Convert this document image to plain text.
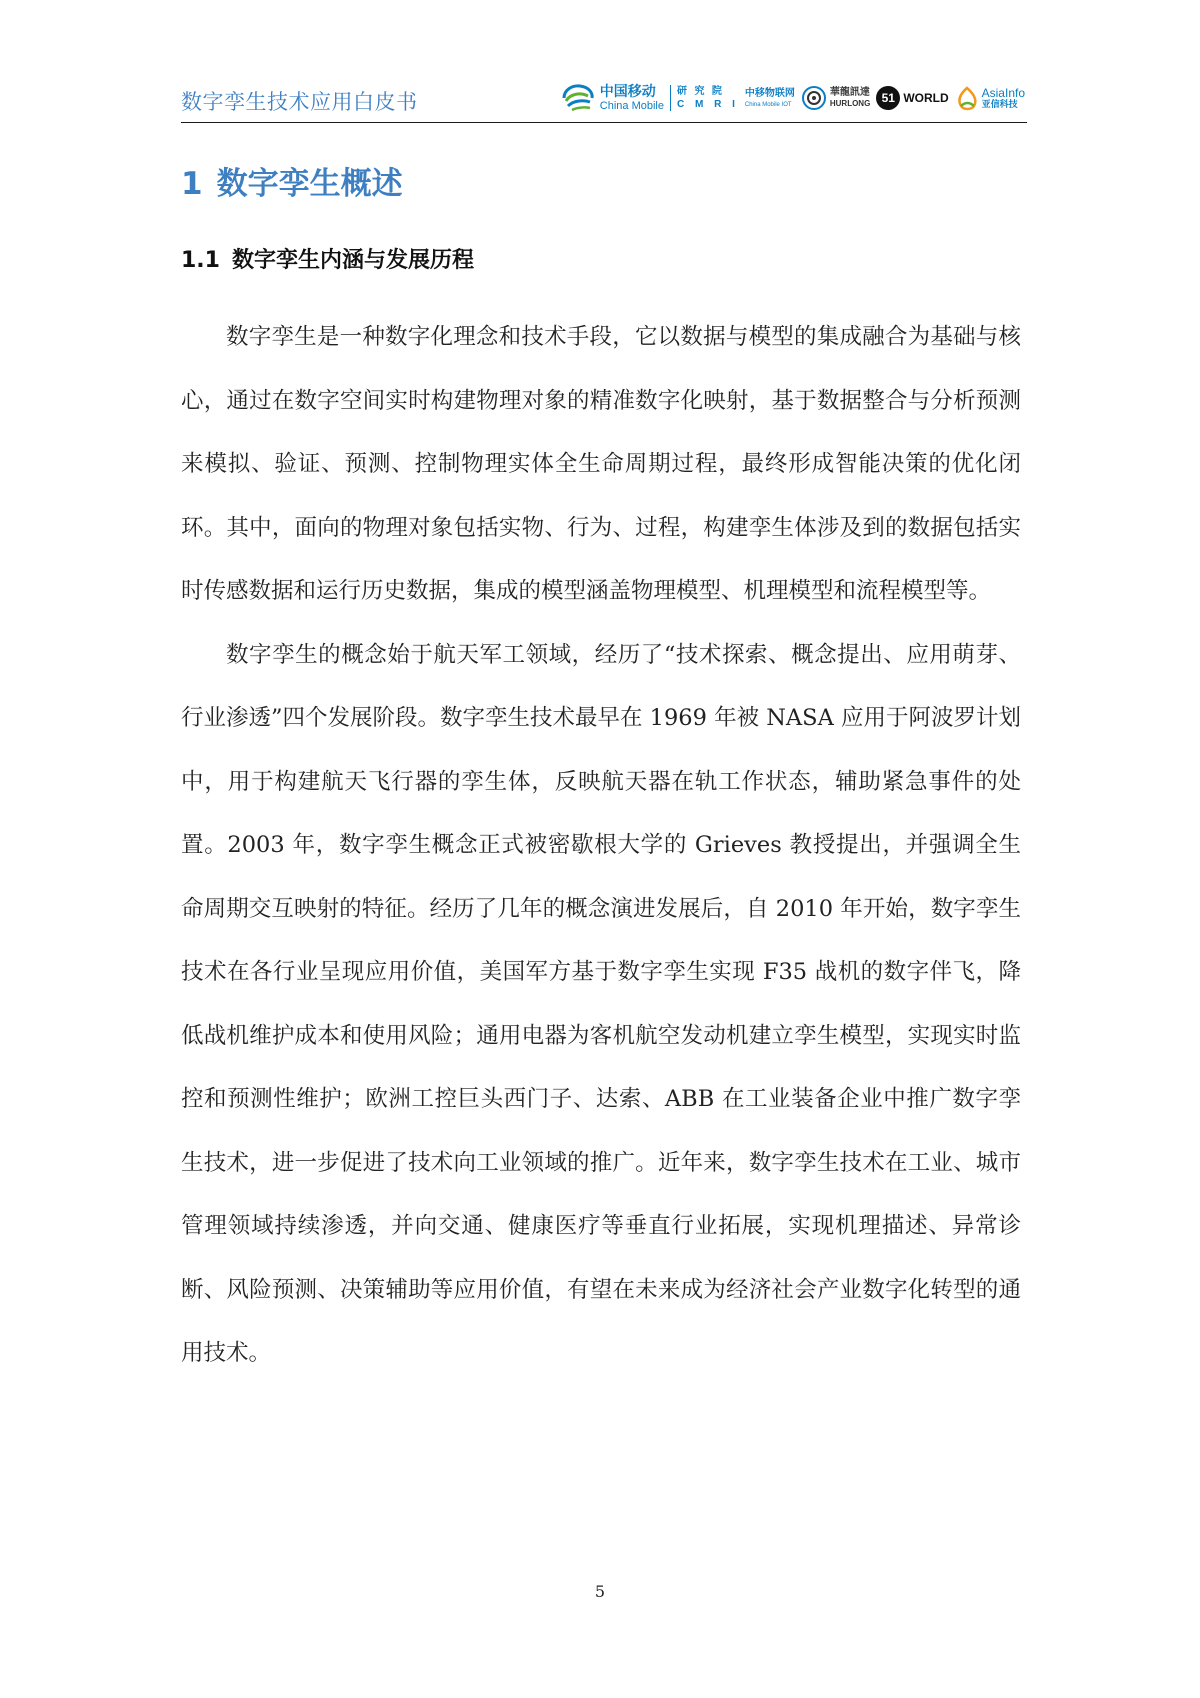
数字孪生技术应用白皮书	中国移动
China Mobile
研 究 院
C M R I
中移物联网
China Mobile IOT
華龍訊達
HURLONG 51 WORLD	AsiaInfo
亚信科技
1 数字孪生概述
1.1 数字孪生内涵与发展历程

数字孪生是一种数字化理念和技术手段，它以数据与模型的集成融合为基础与核心，通过在数字空间实时构建物理对象的精准数字化映射，基于数据整合与分析预测来模拟、验证、预测、控制物理实体全生命周期过程，最终形成智能决策的优化闭环。其中，面向的物理对象包括实物、行为、过程，构建孪生体涉及到的数据包括实时传感数据和运行历史数据，集成的模型涵盖物理模型、机理模型和流程模型等。

数字孪生的概念始于航天军工领域，经历了“技术探索、概念提出、应用萌芽、行业渗透”四个发展阶段。数字孪生技术最早在 1969 年被 NASA 应用于阿波罗计划中，用于构建航天飞行器的孪生体，反映航天器在轨工作状态，辅助紧急事件的处置。2003 年，数字孪生概念正式被密歇根大学的 Grieves 教授提出，并强调全生命周期交互映射的特征。经历了几年的概念演进发展后，自 2010 年开始，数字孪生技术在各行业呈现应用价值，美国军方基于数字孪生实现 F35 战机的数字伴飞，降低战机维护成本和使用风险；通用电器为客机航空发动机建立孪生模型，实现实时监控和预测性维护；欧洲工控巨头西门子、达索、ABB 在工业装备企业中推广数字孪生技术，进一步促进了技术向工业领域的推广。近年来，数字孪生技术在工业、城市管理领域持续渗透，并向交通、健康医疗等垂直行业拓展，实现机理描述、异常诊断、风险预测、决策辅助等应用价值，有望在未来成为经济社会产业数字化转型的通用技术。

5
